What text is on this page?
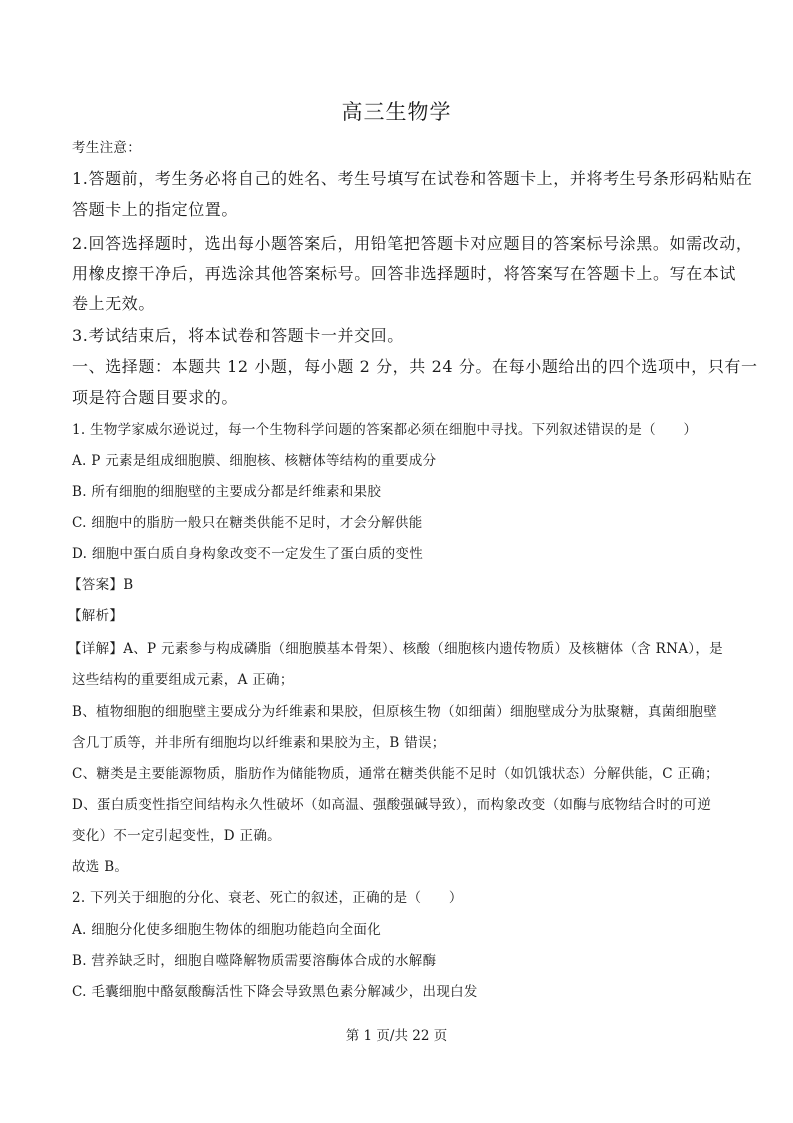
高三生物学
考生注意：
1.答题前，考生务必将自己的姓名、考生号填写在试卷和答题卡上，并将考生号条形码粘贴在
答题卡上的指定位置。
2.回答选择题时，选出每小题答案后，用铅笔把答题卡对应题目的答案标号涂黑。如需改动，
用橡皮擦干净后，再选涂其他答案标号。回答非选择题时，将答案写在答题卡上。写在本试
卷上无效。
3.考试结束后，将本试卷和答题卡一并交回。
一、选择题：本题共 12 小题，每小题 2 分，共 24 分。在每小题给出的四个选项中，只有一
项是符合题目要求的。
1. 生物学家威尔逊说过，每一个生物科学问题的答案都必须在细胞中寻找。下列叙述错误的是（　　）
A. P 元素是组成细胞膜、细胞核、核糖体等结构的重要成分
B. 所有细胞的细胞壁的主要成分都是纤维素和果胶
C. 细胞中的脂肪一般只在糖类供能不足时，才会分解供能
D. 细胞中蛋白质自身构象改变不一定发生了蛋白质的变性
【答案】B
【解析】
【详解】A、P 元素参与构成磷脂（细胞膜基本骨架）、核酸（细胞核内遗传物质）及核糖体（含 RNA），是
这些结构的重要组成元素，A 正确；
B、植物细胞的细胞壁主要成分为纤维素和果胶，但原核生物（如细菌）细胞壁成分为肽聚糖，真菌细胞壁
含几丁质等，并非所有细胞均以纤维素和果胶为主，B 错误；
C、糖类是主要能源物质，脂肪作为储能物质，通常在糖类供能不足时（如饥饿状态）分解供能，C 正确；
D、蛋白质变性指空间结构永久性破坏（如高温、强酸强碱导致），而构象改变（如酶与底物结合时的可逆
变化）不一定引起变性，D 正确。
故选 B。
2. 下列关于细胞的分化、衰老、死亡的叙述，正确的是（　　）
A. 细胞分化使多细胞生物体的细胞功能趋向全面化
B. 营养缺乏时，细胞自噬降解物质需要溶酶体合成的水解酶
C. 毛囊细胞中酪氨酸酶活性下降会导致黑色素分解减少，出现白发
第 1 页/共 22 页
